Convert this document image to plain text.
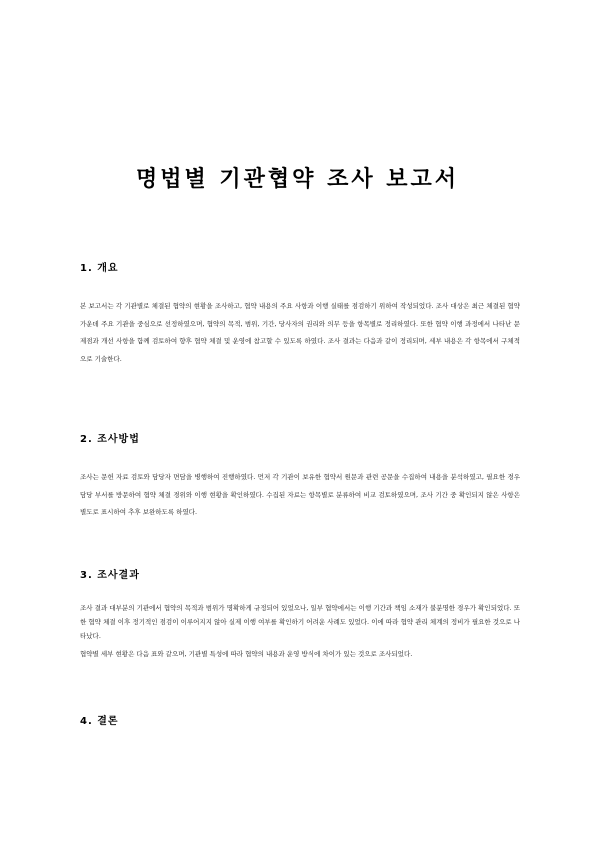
명법별 기관협약 조사 보고서

1. 개요

본 보고서는 각 기관별로 체결된 협약의 현황을 조사하고, 협약 내용의 주요 사항과 이행 실태를 점검하기 위하여 작성되었다. 조사 대상은 최근 체결된 협약 가운데 주요 기관을 중심으로 선정하였으며, 협약의 목적, 범위, 기간, 당사자의 권리와 의무 등을 항목별로 정리하였다. 또한 협약 이행 과정에서 나타난 문제점과 개선 사항을 함께 검토하여 향후 협약 체결 및 운영에 참고할 수 있도록 하였다. 조사 결과는 다음과 같이 정리되며, 세부 내용은 각 항목에서 구체적으로 기술한다.

2. 조사방법

조사는 문헌 자료 검토와 담당자 면담을 병행하여 진행하였다. 먼저 각 기관이 보유한 협약서 원문과 관련 공문을 수집하여 내용을 분석하였고, 필요한 경우 담당 부서를 방문하여 협약 체결 경위와 이행 현황을 확인하였다. 수집된 자료는 항목별로 분류하여 비교 검토하였으며, 조사 기간 중 확인되지 않은 사항은 별도로 표시하여 추후 보완하도록 하였다.

3. 조사결과

조사 결과 대부분의 기관에서 협약의 목적과 범위가 명확하게 규정되어 있었으나, 일부 협약에서는 이행 기간과 책임 소재가 불분명한 경우가 확인되었다. 또한 협약 체결 이후 정기적인 점검이 이루어지지 않아 실제 이행 여부를 확인하기 어려운 사례도 있었다. 이에 따라 협약 관리 체계의 정비가 필요한 것으로 나타났다.

협약별 세부 현황은 다음 표와 같으며, 기관별 특성에 따라 협약의 내용과 운영 방식에 차이가 있는 것으로 조사되었다.

4. 결론
